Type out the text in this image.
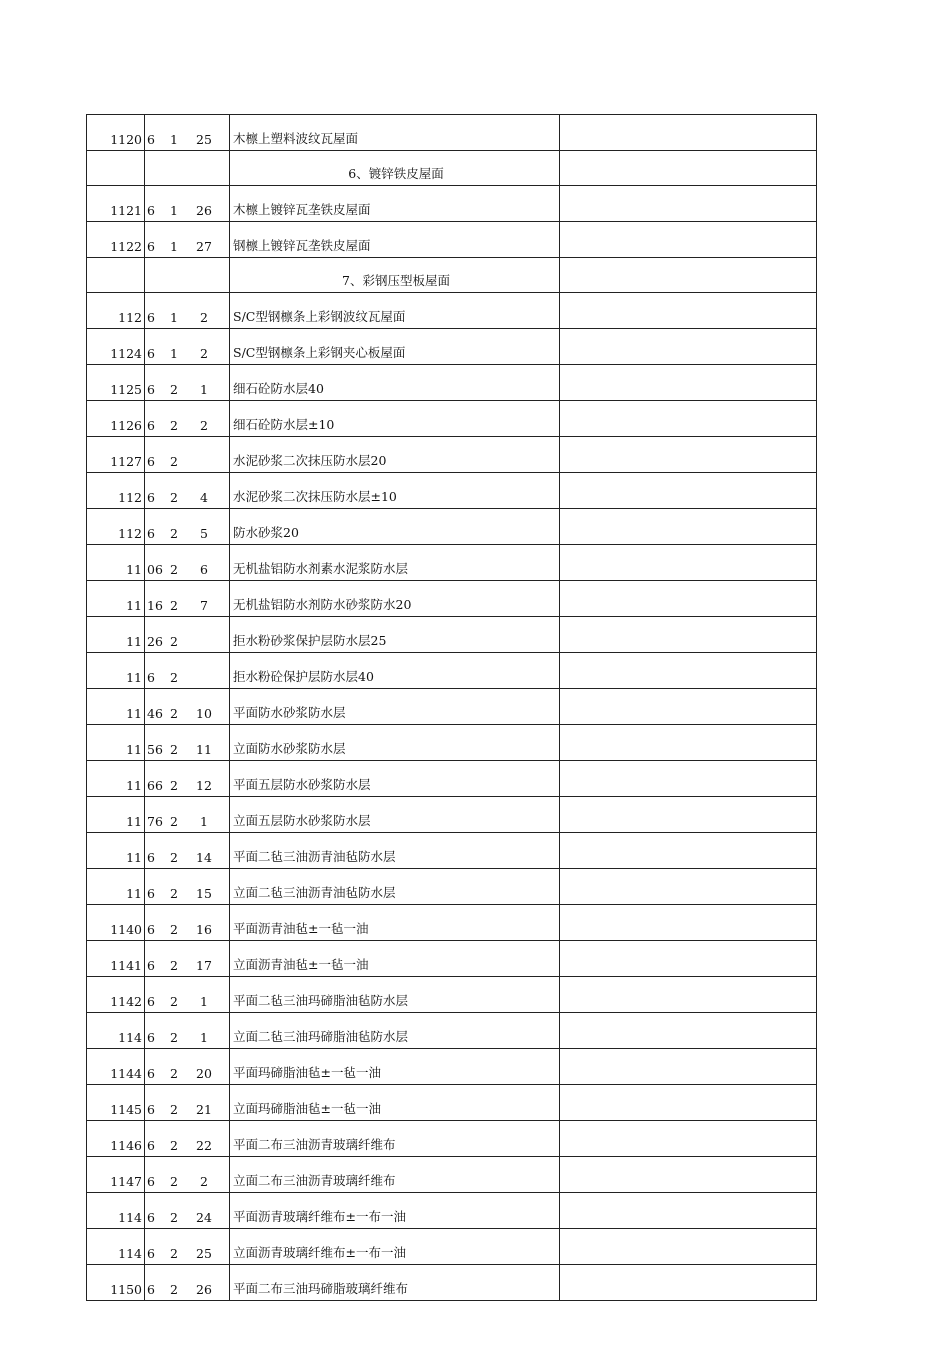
1120	6 1 25	木檩上塑料波纹瓦屋面	
		6、镀锌铁皮屋面	
1121	6 1 26	木檩上镀锌瓦垄铁皮屋面	
1122	6 1 27	钢檩上镀锌瓦垄铁皮屋面	
		7、彩钢压型板屋面	
112	6 1 2	S/C型钢檩条上彩钢波纹瓦屋面	
1124	6 1 2	S/C型钢檩条上彩钢夹心板屋面	
1125	6 2 1	细石砼防水层40	
1126	6 2 2	细石砼防水层±10	
1127	6 2	水泥砂浆二次抹压防水层20	
112	6 2 4	水泥砂浆二次抹压防水层±10	
112	6 2 5	防水砂浆20	
11	06 2 6	无机盐铝防水剂素水泥浆防水层	
11	16 2 7	无机盐铝防水剂防水砂浆防水20	
11	26 2	拒水粉砂浆保护层防水层25	
11	6 2	拒水粉砼保护层防水层40	
11	46 2 10	平面防水砂浆防水层	
11	56 2 11	立面防水砂浆防水层	
11	66 2 12	平面五层防水砂浆防水层	
11	76 2 1	立面五层防水砂浆防水层	
11	6 2 14	平面二毡三油沥青油毡防水层	
11	6 2 15	立面二毡三油沥青油毡防水层	
1140	6 2 16	平面沥青油毡±一毡一油	
1141	6 2 17	立面沥青油毡±一毡一油	
1142	6 2 1	平面二毡三油玛碲脂油毡防水层	
114	6 2 1	立面二毡三油玛碲脂油毡防水层	
1144	6 2 20	平面玛碲脂油毡±一毡一油	
1145	6 2 21	立面玛碲脂油毡±一毡一油	
1146	6 2 22	平面二布三油沥青玻璃纤维布	
1147	6 2 2	立面二布三油沥青玻璃纤维布	
114	6 2 24	平面沥青玻璃纤维布±一布一油	
114	6 2 25	立面沥青玻璃纤维布±一布一油	
1150	6 2 26	平面二布三油玛碲脂玻璃纤维布	
